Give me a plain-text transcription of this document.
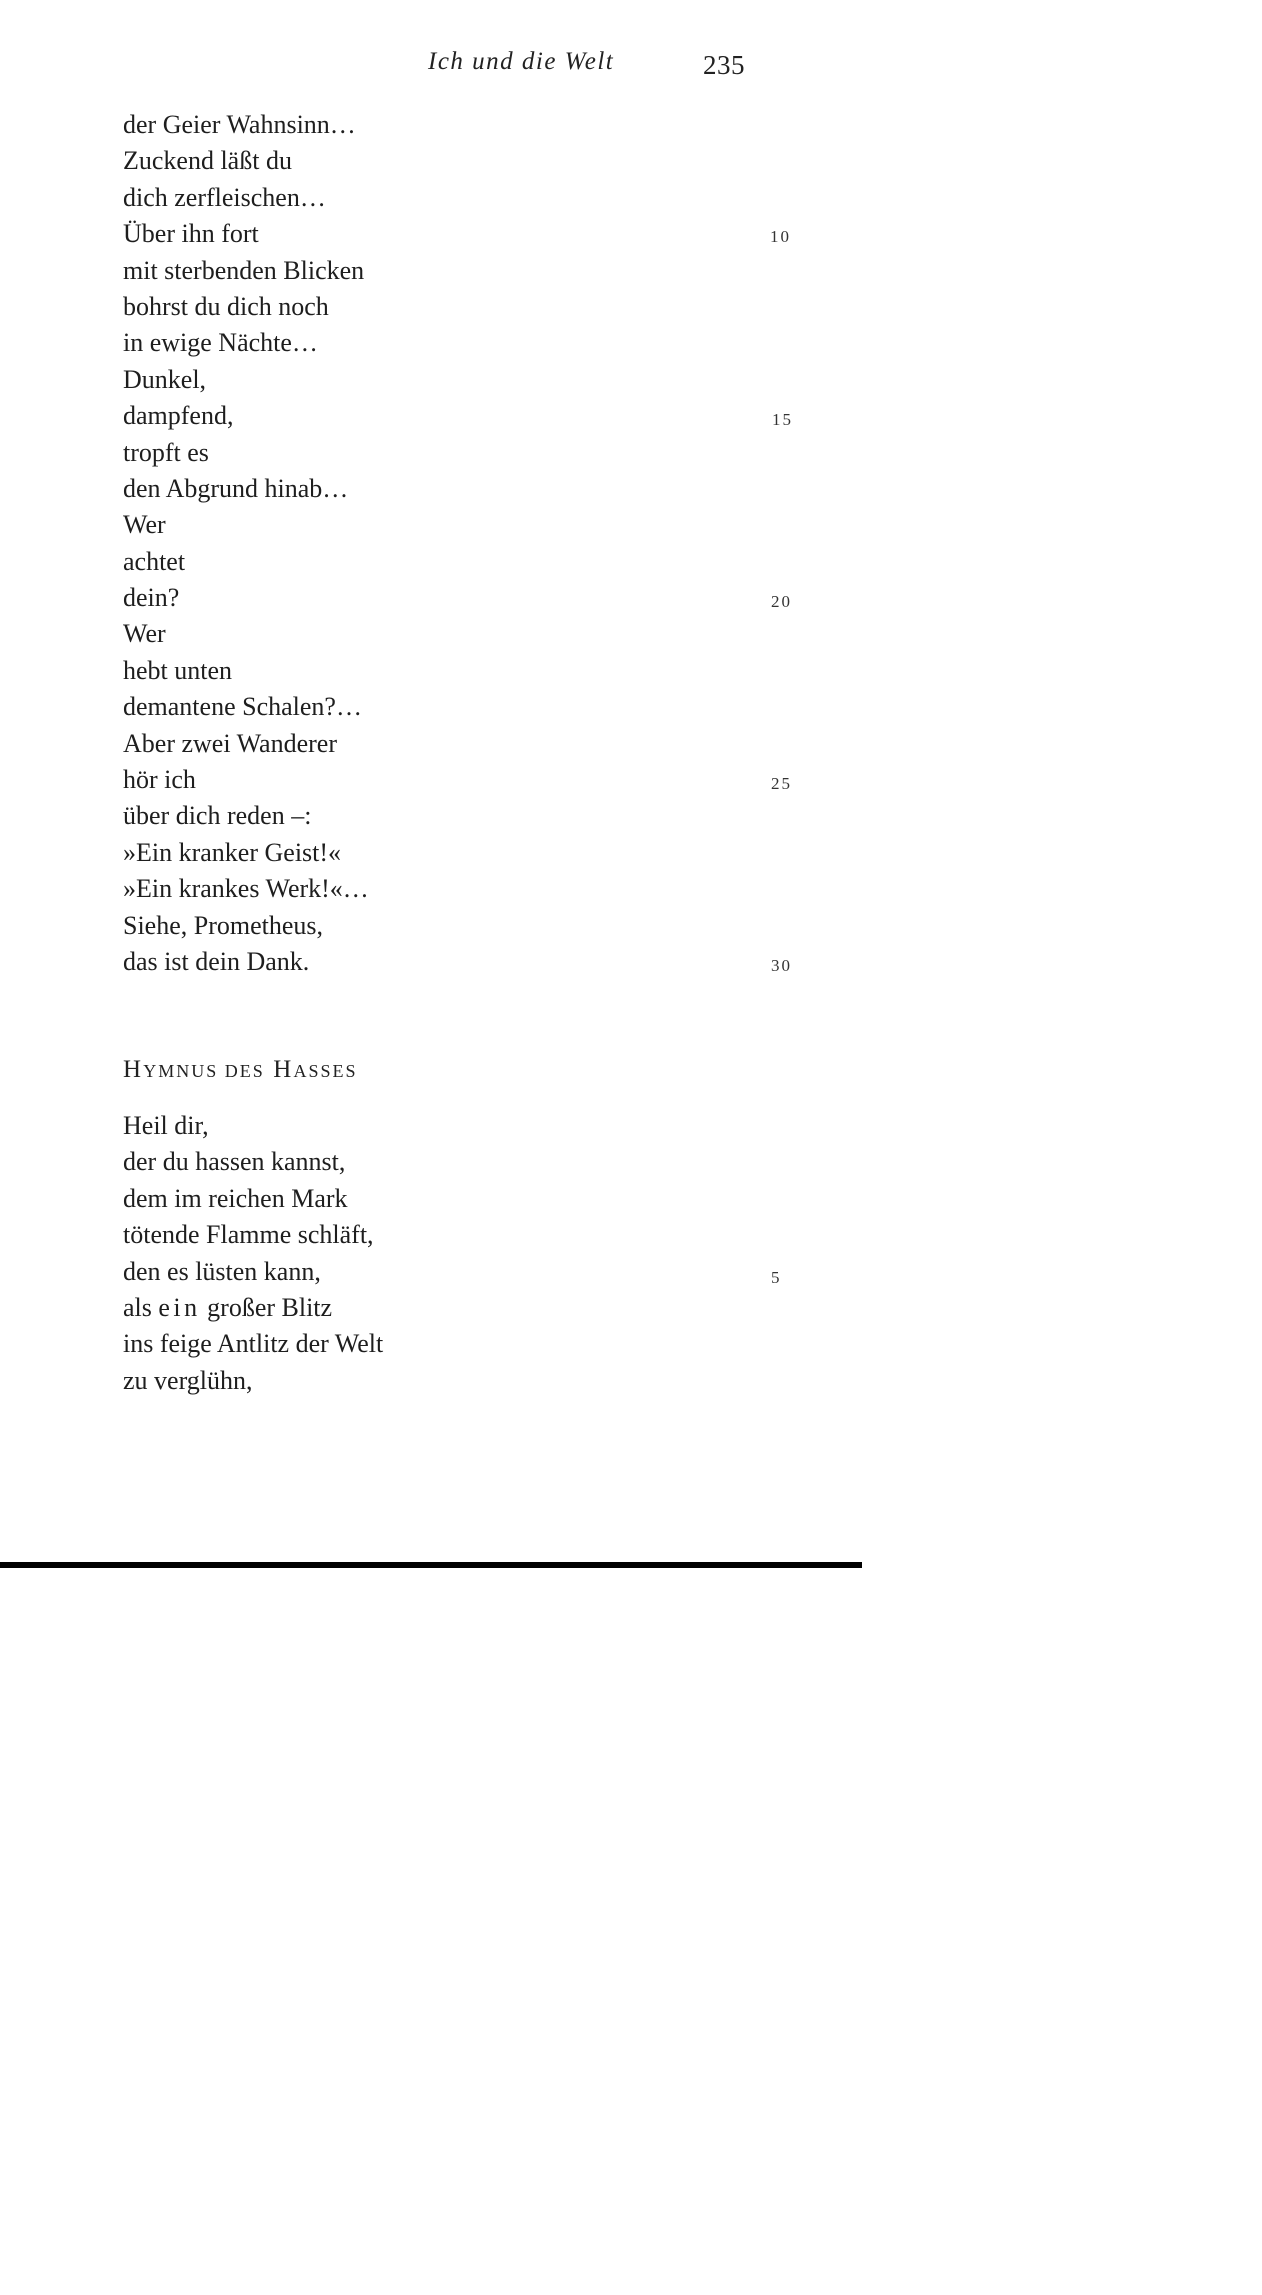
Ich und die Welt	235
der Geier Wahnsinn…
Zuckend läßt du
dich zerfleischen…
Über ihn fort
mit sterbenden Blicken
bohrst du dich noch
in ewige Nächte…
Dunkel,
dampfend,
tropft es
den Abgrund hinab…
Wer
achtet
dein?
Wer
hebt unten
demantene Schalen?…
Aber zwei Wanderer
hör ich
über dich reden –:
»Ein kranker Geist!«
»Ein krankes Werk!«…
Siehe, Prometheus,
das ist dein Dank.
10
15
20
25
30
HYMNUS DES HASSES
Heil dir,
der du hassen kannst,
dem im reichen Mark
tötende Flamme schläft,
den es lüsten kann,
als ein großer Blitz
ins feige Antlitz der Welt
zu verglühn,
5
